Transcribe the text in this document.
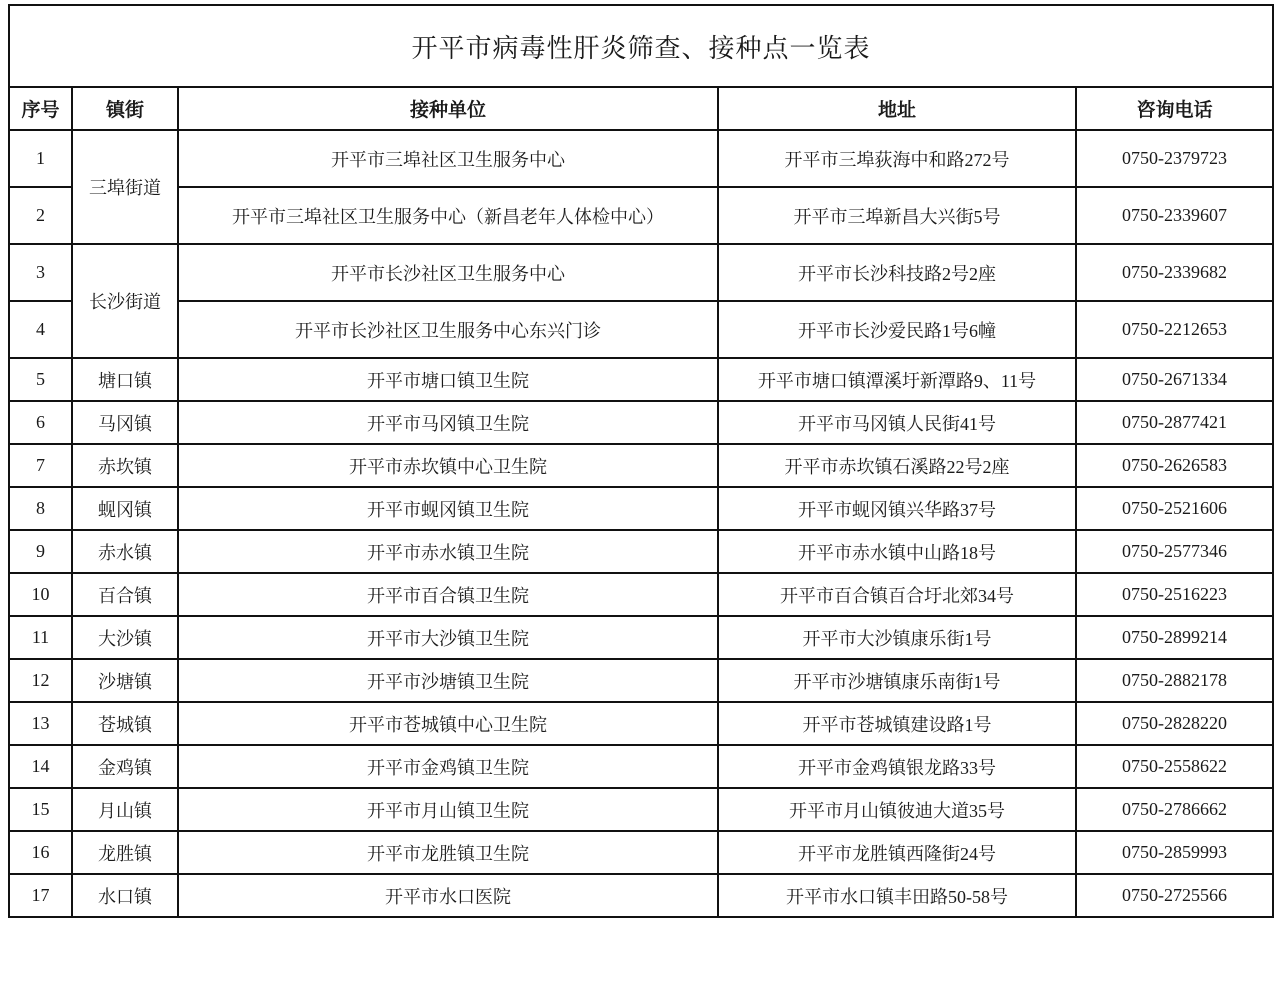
开平市病毒性肝炎筛查、接种点一览表				
序号	镇街	接种单位	地址	咨询电话
1	三埠街道	开平市三埠社区卫生服务中心	开平市三埠荻海中和路272号	0750-2379723
2		开平市三埠社区卫生服务中心（新昌老年人体检中心）	开平市三埠新昌大兴街5号	0750-2339607
3	长沙街道	开平市长沙社区卫生服务中心	开平市长沙科技路2号2座	0750-2339682
4		开平市长沙社区卫生服务中心东兴门诊	开平市长沙爱民路1号6幢	0750-2212653
5	塘口镇	开平市塘口镇卫生院	开平市塘口镇潭溪圩新潭路9、11号	0750-2671334
6	马冈镇	开平市马冈镇卫生院	开平市马冈镇人民街41号	0750-2877421
7	赤坎镇	开平市赤坎镇中心卫生院	开平市赤坎镇石溪路22号2座	0750-2626583
8	蚬冈镇	开平市蚬冈镇卫生院	开平市蚬冈镇兴华路37号	0750-2521606
9	赤水镇	开平市赤水镇卫生院	开平市赤水镇中山路18号	0750-2577346
10	百合镇	开平市百合镇卫生院	开平市百合镇百合圩北郊34号	0750-2516223
11	大沙镇	开平市大沙镇卫生院	开平市大沙镇康乐街1号	0750-2899214
12	沙塘镇	开平市沙塘镇卫生院	开平市沙塘镇康乐南街1号	0750-2882178
13	苍城镇	开平市苍城镇中心卫生院	开平市苍城镇建设路1号	0750-2828220
14	金鸡镇	开平市金鸡镇卫生院	开平市金鸡镇银龙路33号	0750-2558622
15	月山镇	开平市月山镇卫生院	开平市月山镇彼迪大道35号	0750-2786662
16	龙胜镇	开平市龙胜镇卫生院	开平市龙胜镇西隆街24号	0750-2859993
17	水口镇	开平市水口医院	开平市水口镇丰田路50-58号	0750-2725566
